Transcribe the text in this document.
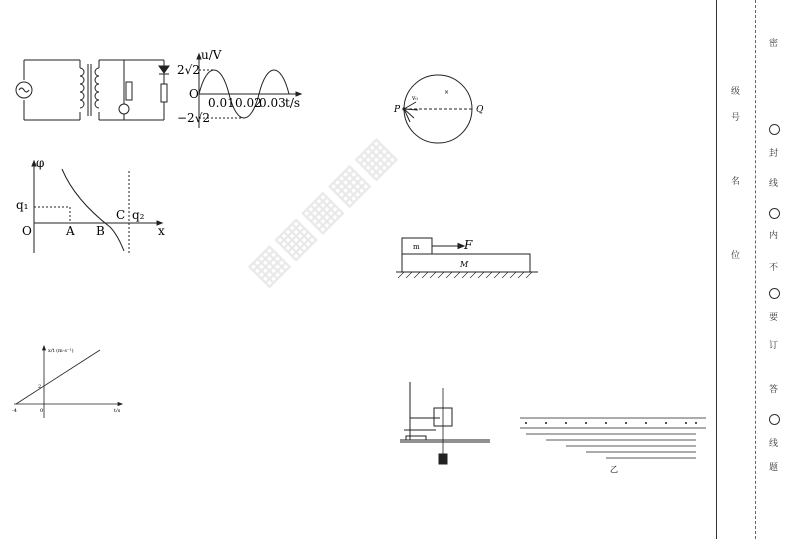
u/V
2√2
−2√2
O
0.01 0.02
0.03 t/s
φ
q₁
O	A B
C q₂
x
x/t (m·s⁻¹)
2
-4	0	t/s
▦▦▦▦▦
P	Q
v₀
×
m	F
M
乙
级
号
名
位
密
封
线
内
不
要
订
答
线
题
